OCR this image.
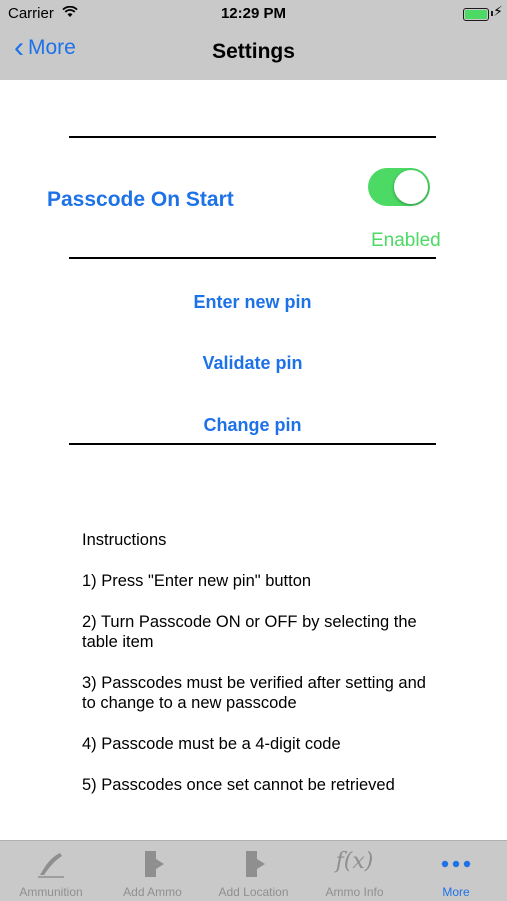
Carrier	12:29 PM	⚡
‹ More	Settings
Passcode On Start
Enabled
Enter new pin
Validate pin
Change pin

Instructions

1) Press "Enter new pin" button

2) Turn Passcode ON or OFF by selecting the table item

3) Passcodes must be verified after setting and to change to a new passcode

4) Passcode must be a 4-digit code

5) Passcodes once set cannot be retrieved

Ammunition	Add Ammo	Add Location
f(x)
Ammo Info	More
